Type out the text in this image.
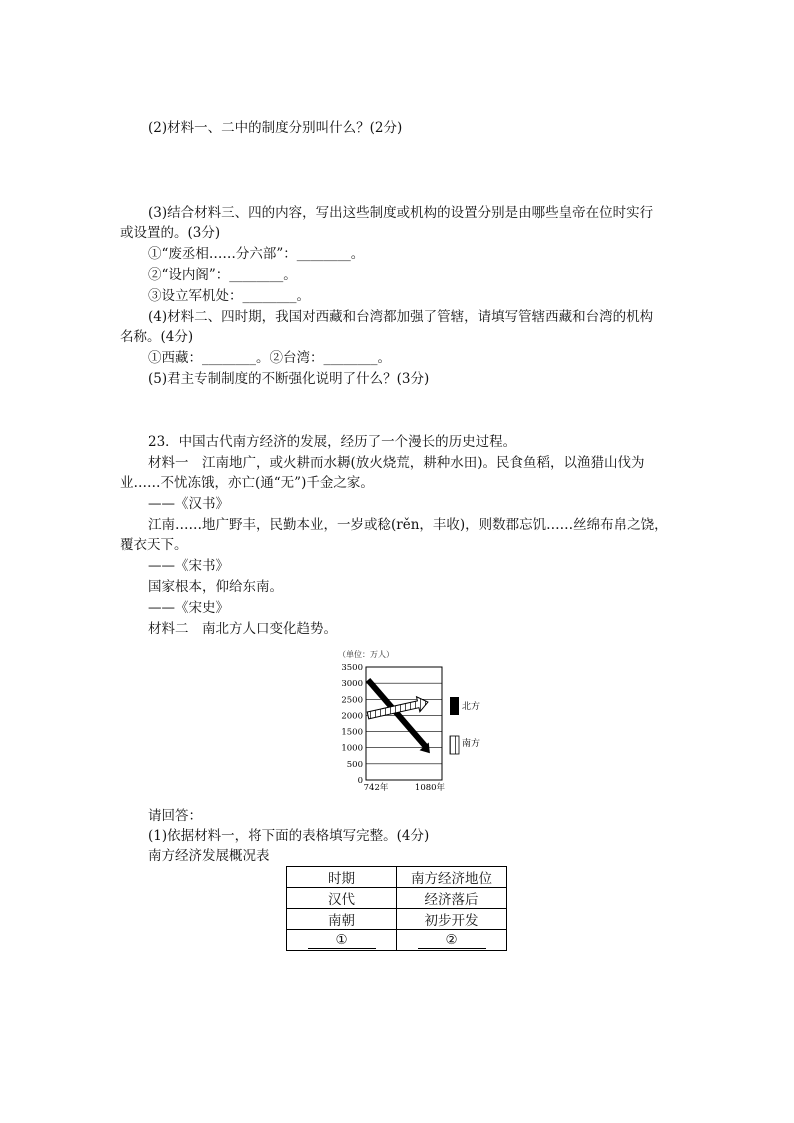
(2)材料一、二中的制度分别叫什么？(2分)
(3)结合材料三、四的内容，写出这些制度或机构的设置分别是由哪些皇帝在位时实行
或设置的。(3分)
①“废丞相……分六部”：________。
②“设内阁”：________。
③设立军机处：________。
(4)材料二、四时期，我国对西藏和台湾都加强了管辖，请填写管辖西藏和台湾的机构
名称。(4分)
①西藏：________。②台湾：________。
(5)君主专制制度的不断强化说明了什么？(3分)
23．中国古代南方经济的发展，经历了一个漫长的历史过程。
材料一　江南地广，或火耕而水耨(放火烧荒，耕种水田)。民食鱼稻，以渔猎山伐为
业……不忧冻饿，亦亡(通“无”)千金之家。
——《汉书》
江南……地广野丰，民勤本业，一岁或稔(rěn，丰收)，则数郡忘饥……丝绵布帛之饶，
覆衣天下。
——《宋书》
国家根本，仰给东南。
——《宋史》
材料二　南北方人口变化趋势。
（单位：万人）
0
500
1000
1500
2000
2500
3000
3500
742年	1080年
北方
南方
请回答：
(1)依据材料一，将下面的表格填写完整。(4分)
南方经济发展概况表
时期	南方经济地位
汉代	经济落后
南朝	初步开发
①	②
